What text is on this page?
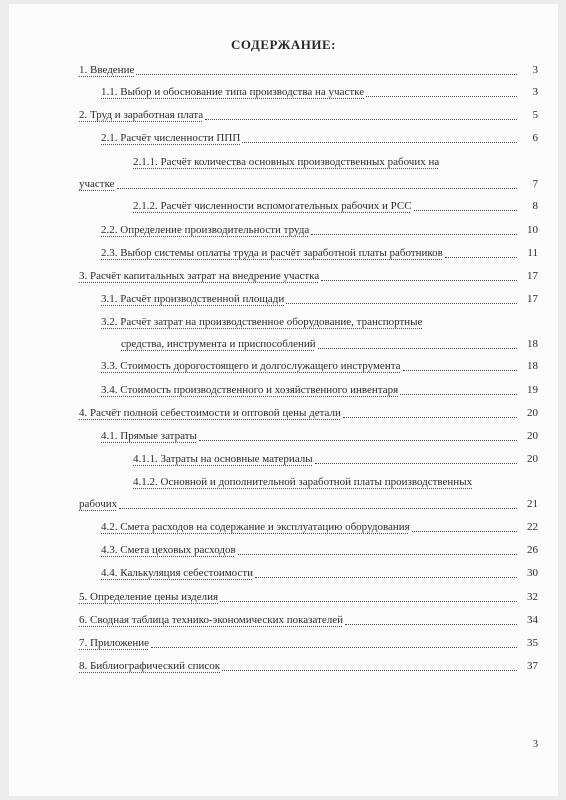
СОДЕРЖАНИЕ:
1. Введение	3
1.1. Выбор и обоснование типа производства на участке	3
2. Труд и заработная плата	5
2.1. Расчёт численности ППП	6
2.1.1. Расчёт количества основных производственных рабочих на
участке	7
2.1.2. Расчёт численности вспомогательных рабочих и РСС	8
2.2. Определение производительности труда	10
2.3. Выбор системы оплаты труда и расчёт заработной платы работников	11
3. Расчёт капитальных затрат на внедрение участка	17
3.1. Расчёт производственной площади	17
3.2. Расчёт затрат на производственное оборудование, транспортные
средства, инструмента и приспособлений	18
3.3. Стоимость дорогостоящего и долгослужащего инструмента	18
3.4. Стоимость производственного и хозяйственного инвентаря	19
4. Расчёт полной себестоимости и оптовой цены детали	20
4.1. Прямые затраты	20
4.1.1. Затраты на основные материалы	20
4.1.2. Основной и дополнительной заработной платы производственных
рабочих	21
4.2. Смета расходов на содержание и эксплуатацию оборудования	22
4.3. Смета цеховых расходов	26
4.4. Калькуляция себестоимости	30
5. Определение цены изделия	32
6. Сводная таблица технико-экономических показателей	34
7. Приложение	35
8. Библиографический список	37
3
